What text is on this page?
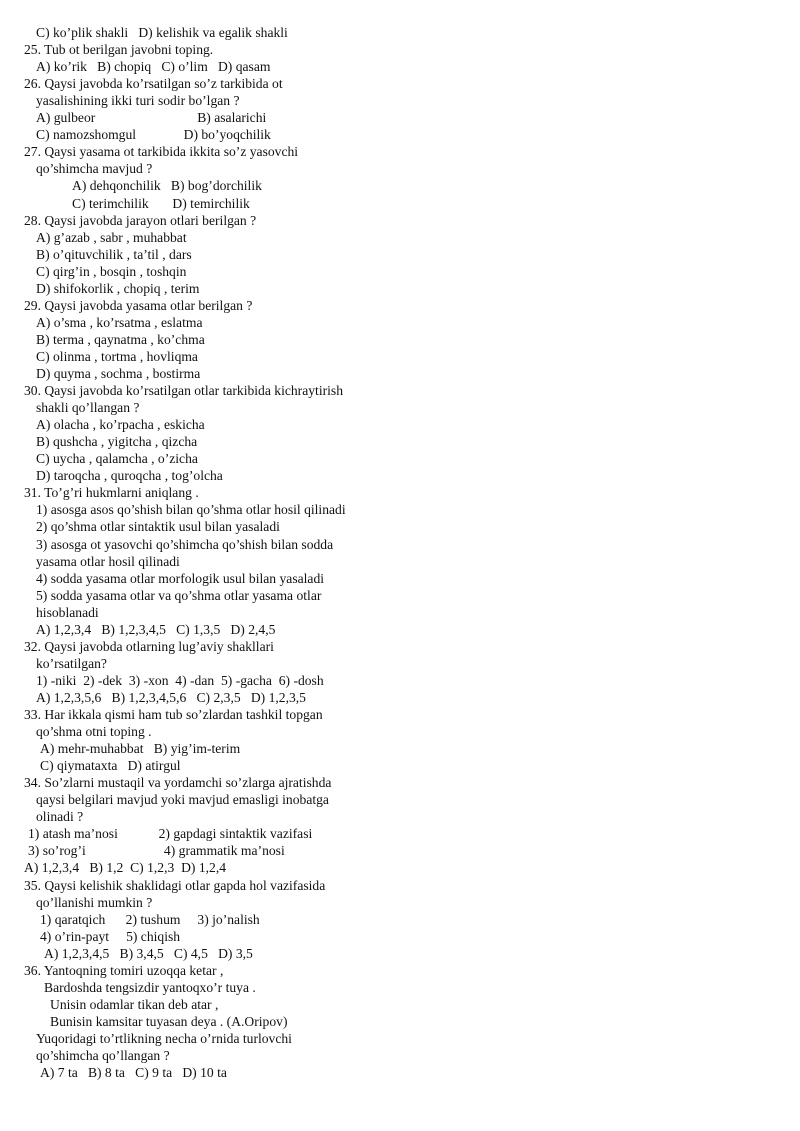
C) ko’plik shakli   D) kelishik va egalik shakli
25. Tub ot berilgan javobni toping.
A) ko’rik   B) chopiq   C) o’lim   D) qasam
26. Qaysi javobda ko’rsatilgan so’z tarkibida ot
yasalishining ikki turi sodir bo’lgan ?
A) gulbeor                              B) asalarichi
C) namozshomgul              D) bo’yoqchilik
27. Qaysi yasama ot tarkibida ikkita so’z yasovchi
qo’shimcha mavjud ?
A) dehqonchilik   B) bog’dorchilik
C) terimchilik       D) temirchilik
28. Qaysi javobda jarayon otlari berilgan ?
A) g’azab , sabr , muhabbat
B) o’qituvchilik , ta’til , dars
C) qirg’in , bosqin , toshqin
D) shifokorlik , chopiq , terim
29. Qaysi javobda yasama otlar berilgan ?
A) o’sma , ko’rsatma , eslatma
B) terma , qaynatma , ko’chma
C) olinma , tortma , hovliqma
D) quyma , sochma , bostirma
30. Qaysi javobda ko’rsatilgan otlar tarkibida kichraytirish
shakli qo’llangan ?
A) olacha , ko’rpacha , eskicha
B) qushcha , yigitcha , qizcha
C) uycha , qalamcha , o’zicha
D) taroqcha , quroqcha , tog’olcha
31. To’g’ri hukmlarni aniqlang .
1) asosga asos qo’shish bilan qo’shma otlar hosil qilinadi
2) qo’shma otlar sintaktik usul bilan yasaladi
3) asosga ot yasovchi qo’shimcha qo’shish bilan sodda
yasama otlar hosil qilinadi
4) sodda yasama otlar morfologik usul bilan yasaladi
5) sodda yasama otlar va qo’shma otlar yasama otlar
hisoblanadi
A) 1,2,3,4   B) 1,2,3,4,5   C) 1,3,5   D) 2,4,5
32. Qaysi javobda otlarning lug’aviy shakllari
ko’rsatilgan?
1) -niki  2) -dek  3) -xon  4) -dan  5) -gacha  6) -dosh
A) 1,2,3,5,6   B) 1,2,3,4,5,6   C) 2,3,5   D) 1,2,3,5
33. Har ikkala qismi ham tub so’zlardan tashkil topgan
qo’shma otni toping .
A) mehr-muhabbat   B) yig’im-terim
C) qiymataxta   D) atirgul
34. So’zlarni mustaqil va yordamchi so’zlarga ajratishda
qaysi belgilari mavjud yoki mavjud emasligi inobatga
olinadi ?
1) atash ma’nosi            2) gapdagi sintaktik vazifasi
3) so’rog’i                       4) grammatik ma’nosi
A) 1,2,3,4   B) 1,2  C) 1,2,3  D) 1,2,4
35. Qaysi kelishik shaklidagi otlar gapda hol vazifasida
qo’llanishi mumkin ?
1) qaratqich      2) tushum     3) jo’nalish
4) o’rin-payt     5) chiqish
A) 1,2,3,4,5   B) 3,4,5   C) 4,5   D) 3,5
36. Yantoqning tomiri uzoqqa ketar ,
Bardoshda tengsizdir yantoqxo’r tuya .
Unisin odamlar tikan deb atar ,
Bunisin kamsitar tuyasan deya . (A.Oripov)
Yuqoridagi to’rtlikning necha o’rnida turlovchi
qo’shimcha qo’llangan ?
A) 7 ta   B) 8 ta   C) 9 ta   D) 10 ta
